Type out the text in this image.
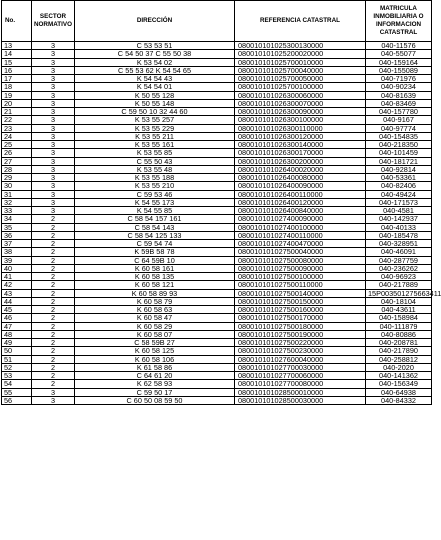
No.	SECTOR NORMATIVO	DIRECCIÓN	REFERENCIA CATASTRAL	MATRICULA INMOBILIARIA O INFORMACION CATASTRAL
13	3	C 53 53 51	080010101025300130000	040-11576
14	3	C 54 50 37 C 55 50 38	080010101025200020000	040-55077
15	3	K 53 54 02	080010101025700010000	040-159164
16	3	C 55 53 62 K 54 54 65	080010101025700040000	040-155089
17	3	K 54 54 43	080010101025700050000	040-71976
18	3	K 54 54 01	080010101025700100000	040-90234
19	3	K 50 55 128	080010101026300060000	040-81639
20	3	K 50 55 148	080010101026300070000	040-83469
21	3	C 59 50 10 32 44 60	080010101026300090000	040-157780
22	3	K 53 55 257	080010101026300100000	040-9167
23	3	K 53 55 229	080010101026300110000	040-97774
24	3	K 53 55 211	080010101026300120000	040-154835
25	3	K 53 55 161	080010101026300140000	040-218350
26	3	K 53 55 85	080010101026300170000	040-101459
27	3	C 55 50 43	080010101026300200000	040-181721
28	3	K 53 55 48	080010101026400020000	040-92814
29	3	K 53 55 188	080010101026400080000	040-53361
30	3	K 53 55 210	080010101026400090000	040-82406
31	3	C 59 53 46	080010101026400110000	040-49424
32	3	K 54 55 173	080010101026400120000	040-171573
33	3	K 54 55 85	080010101026400840000	040-4581
34	2	C 58 54 157 161	080010101027400090000	040-142937
35	2	C 58 54 143	080010101027400100000	040-40133
36	2	C 58 54 125 133	080010101027400110000	040-185478
37	2	C 59 54 74	080010101027400470000	040-328951
38	2	K 59B 58 78	080010101027500040000	040-46091
39	2	C 64 59B 10	080010101027500080000	040-287759
40	2	K 60 58 161	080010101027500090000	040-236262
41	2	K 60 58 135	080010101027500100000	040-96923
42	2	K 60 58 121	080010101027500110000	040-217889
43	2	K 60 58 89 93	080010101027500140000	15P003501275663411
44	2	K 60 58 79	080010101027500150000	040-18104
45	2	K 60 58 63	080010101027500160000	040-43611
46	2	K 60 58 47	080010101027500170000	040-158984
47	2	K 60 58 29	080010101027500180000	040-111879
48	2	K 60 58 07	080010101027500190000	040-80886
49	2	C 58 59B 27	080010101027500220000	040-208781
50	2	K 60 58 125	080010101027500230000	040-217890
51	2	K 60 58 106	080010101027600040000	040-258812
52	2	K 61 58 86	080010101027700030000	040-2020
53	2	C 64 61 20	080010101027700060000	040-141362
54	2	K 62 58 93	080010101027700080000	040-156349
55	3	C 59 50 17	080010101028500010000	040-64938
56	3	C 60 50 08 59 50	080010101028500030000	040-84332
